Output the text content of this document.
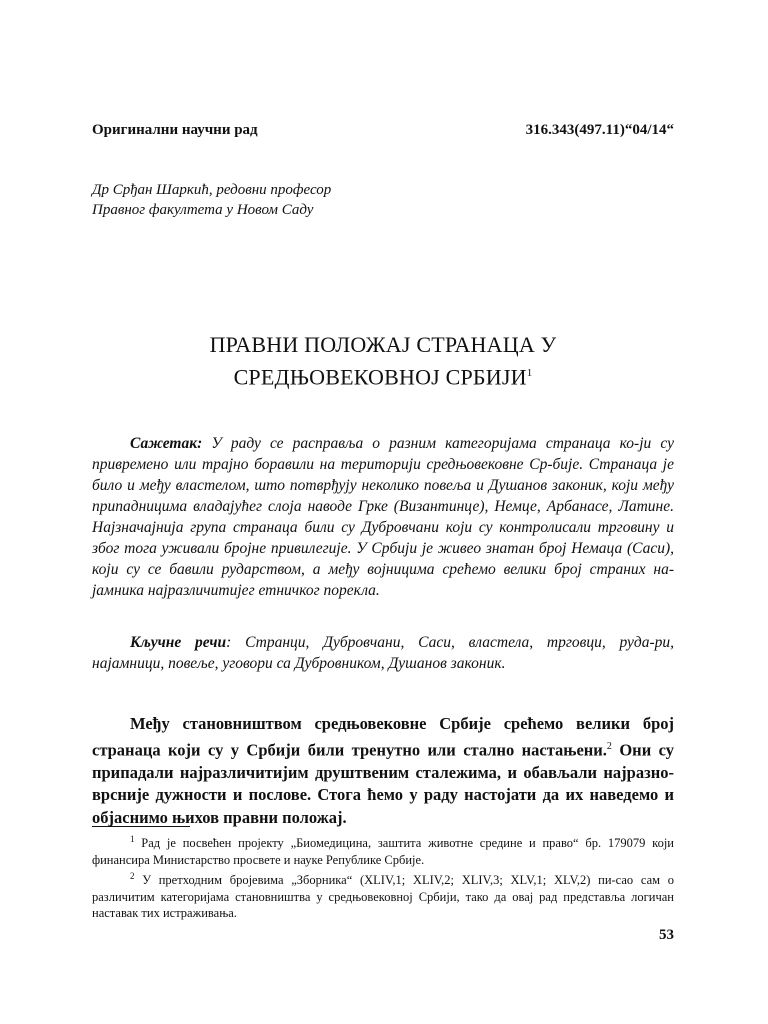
Оригинални научни рад	316.343(497.11)“04/14“
Др Срђан Шаркић, редовни професор
Правног факултета у Новом Саду
ПРАВНИ ПОЛОЖАЈ СТРАНАЦА У
СРЕДЊОВЕКОВНОЈ СРБИЈИ$^1$
Сажетак: У раду се расправља о разним категоријама странаца ко-ји су привремено или трајно боравили на територији средњовековне Ср-бије. Странаца је било и међу властелом, што потврђују неколико повеља и Душанов законик, који међу припадницима владајућег слоја наводе Грке (Византинце), Немце, Арбанасе, Латине. Најзначајнија група странаца били су Дубровчани који су контролисали трговину и због тога уживали бројне привилегије. У Србији је живео знатан број Немаца (Саси), који су се бавили рударством, а међу војницима срећемо велики број страних на-јамника најразличитијег етничког порекла.
Кључне речи: Странци, Дубровчани, Саси, властела, трговци, руда-ри, најамници, повеље, уговори са Дубровником, Душанов законик.
Међу становништвом средњовековне Србије срећемо велики број странаца који су у Србији били тренутно или стално настањени.$^2$ Они су припадали најразличитијим друштвеним сталежима, и обављали најразно-врсније дужности и послове. Стога ћемо у раду настојати да их наведемо и објаснимо њихов правни положај.

$^1$ Рад је посвећен пројекту „Биомедицина, заштита животне средине и право“ бр. 179079 који финансира Министарство просвете и науке Републике Србије.

$^2$ У претходним бројевима „Зборника“ (XLIV,1; XLIV,2; XLIV,3; XLV,1; XLV,2) пи-сао сам о различитим категоријама становништва у средњовековној Србији, тако да овај рад представља логичан наставак тих истраживања.

53
